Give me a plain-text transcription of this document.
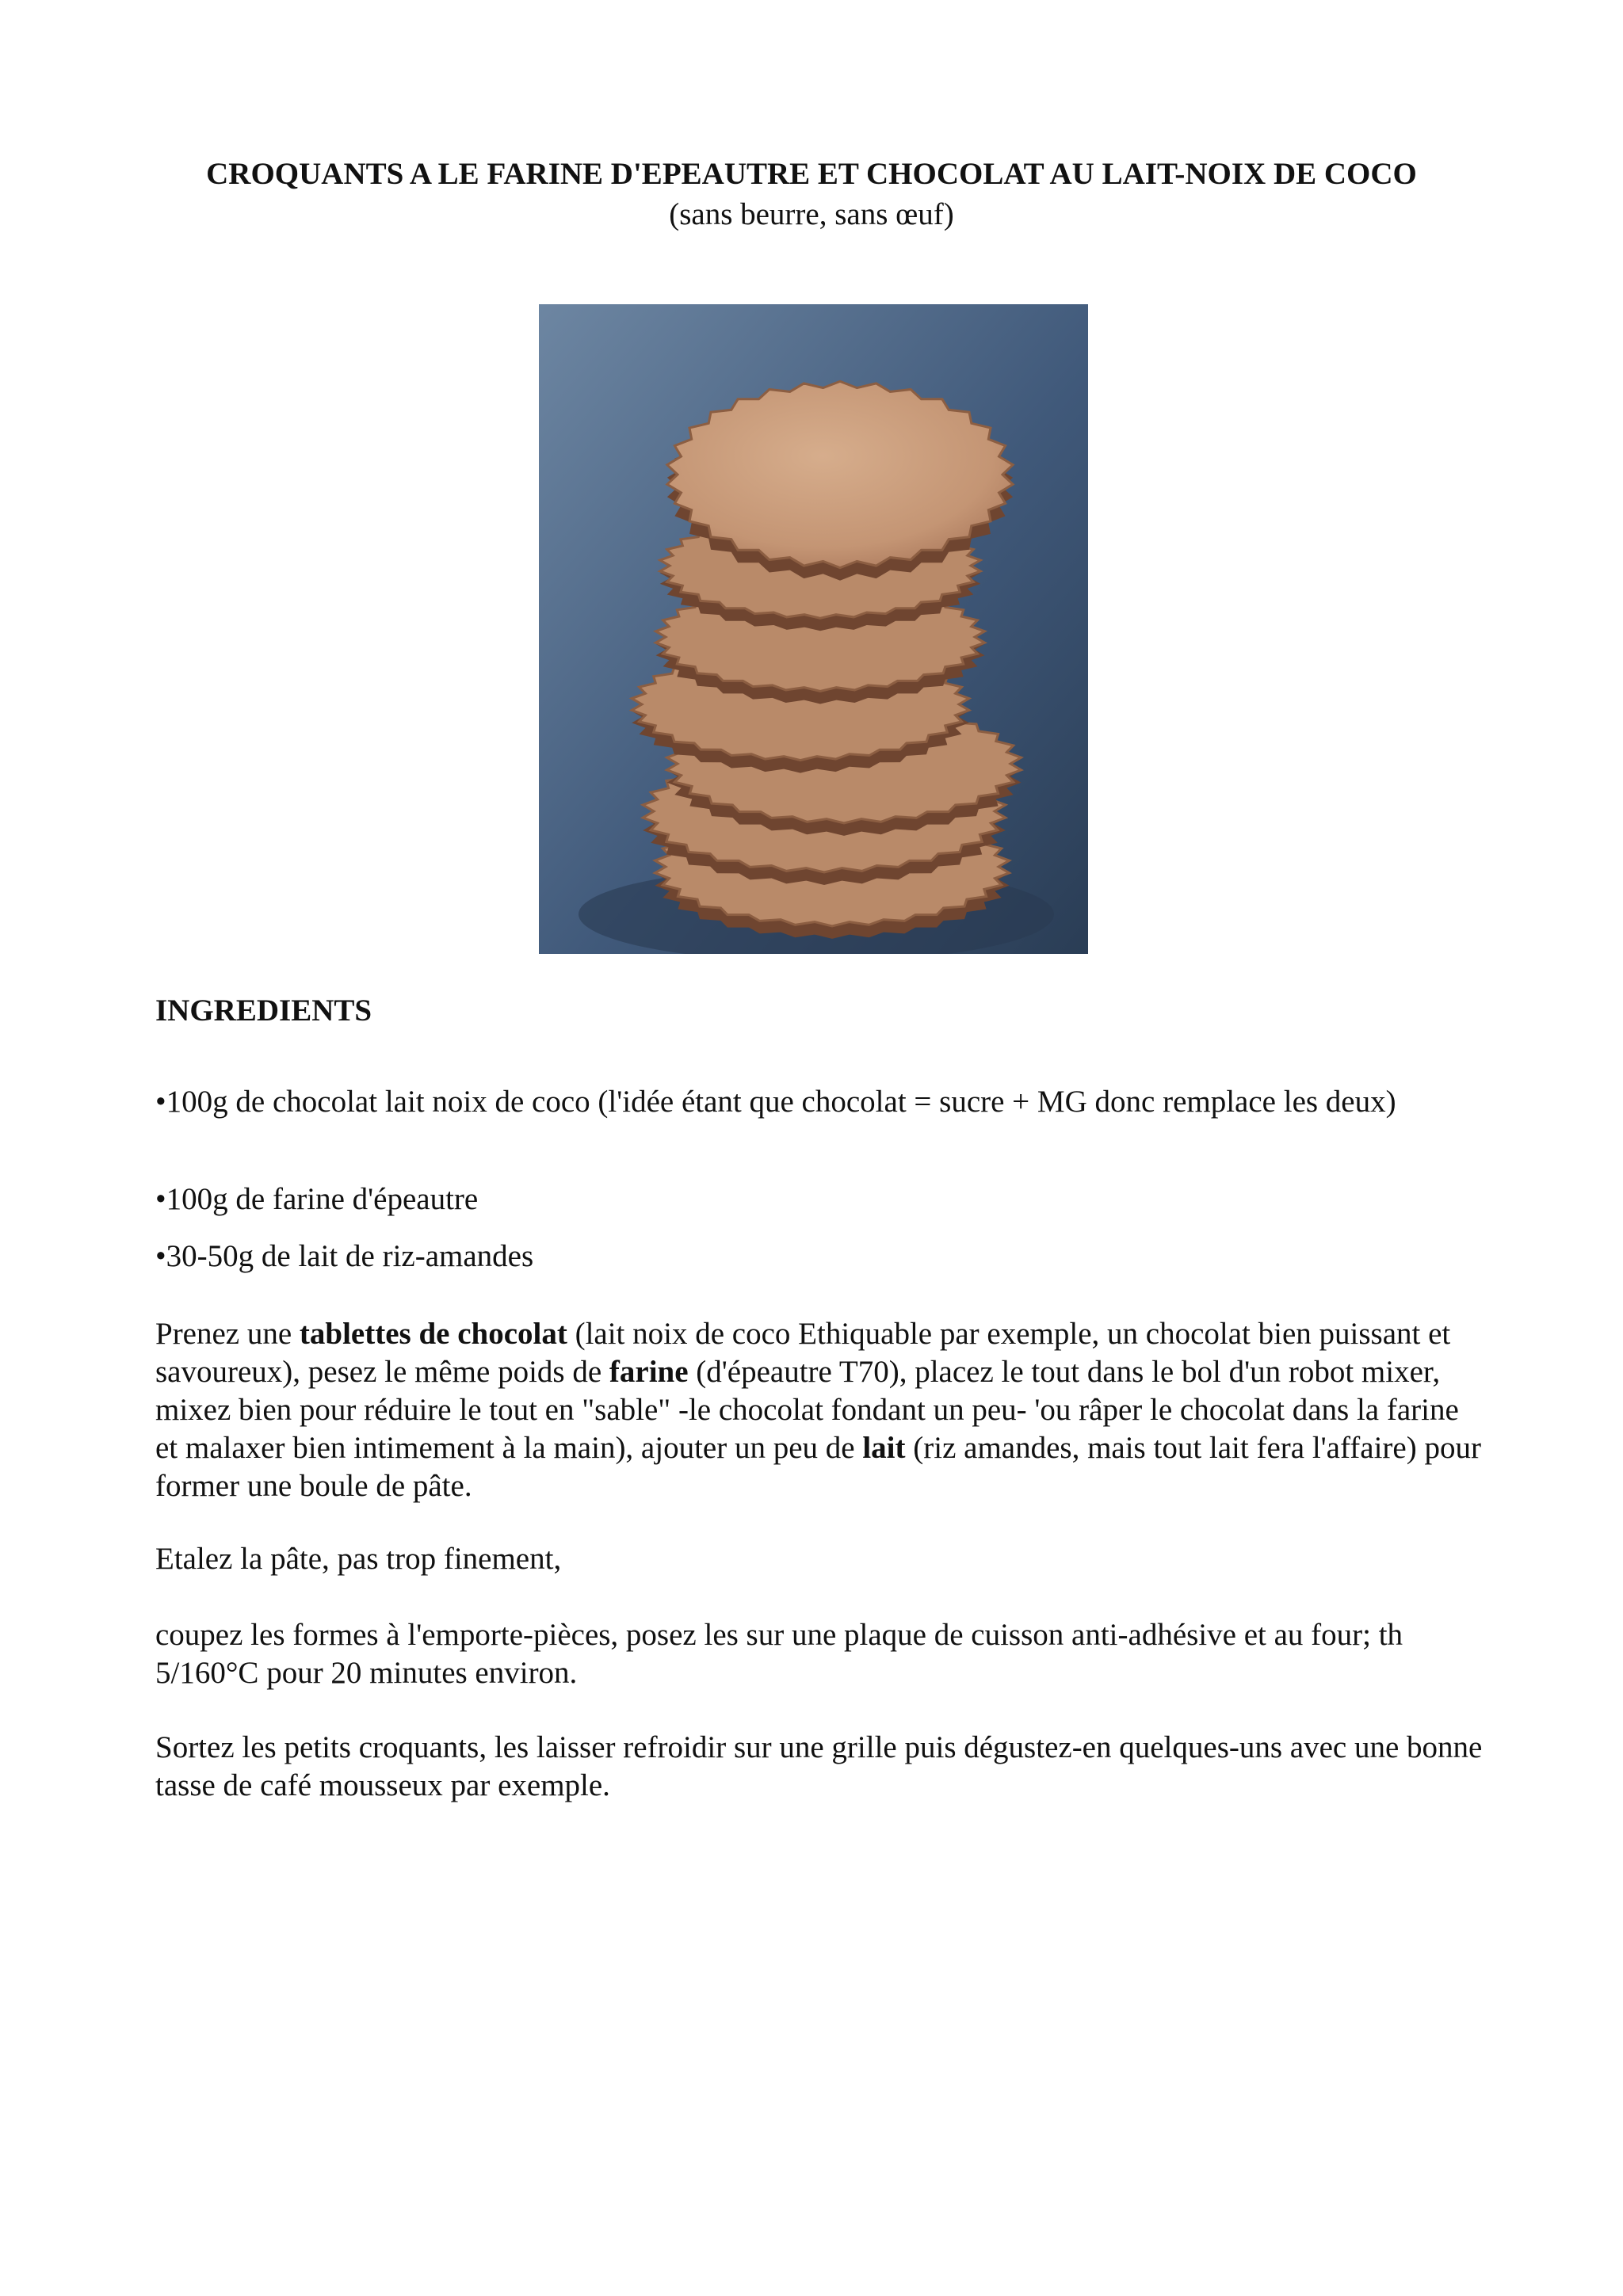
CROQUANTS A LE FARINE D'EPEAUTRE ET CHOCOLAT AU LAIT-NOIX DE COCO

(sans beurre, sans œuf)

INGREDIENTS

•100g de chocolat lait noix de coco (l'idée étant que chocolat = sucre + MG donc remplace les deux)

•100g de farine d'épeautre

•30-50g de lait de riz-amandes

Prenez une tablettes de chocolat (lait noix de coco Ethiquable par exemple, un chocolat bien puissant et savoureux), pesez le même poids de farine (d'épeautre T70), placez le tout dans le bol d'un robot mixer, mixez bien pour réduire le tout en "sable" -le chocolat fondant un peu- 'ou râper le chocolat dans la farine et malaxer bien intimement à la main), ajouter un peu de lait (riz amandes, mais tout lait fera l'affaire) pour former une boule de pâte.

Etalez la pâte, pas trop finement,

coupez les formes à l'emporte-pièces, posez les sur une plaque de cuisson anti-adhésive et au four; th 5/160°C pour 20 minutes environ.

Sortez les petits croquants, les laisser refroidir sur une grille puis dégustez-en quelques-uns avec une bonne tasse de café mousseux par exemple.
